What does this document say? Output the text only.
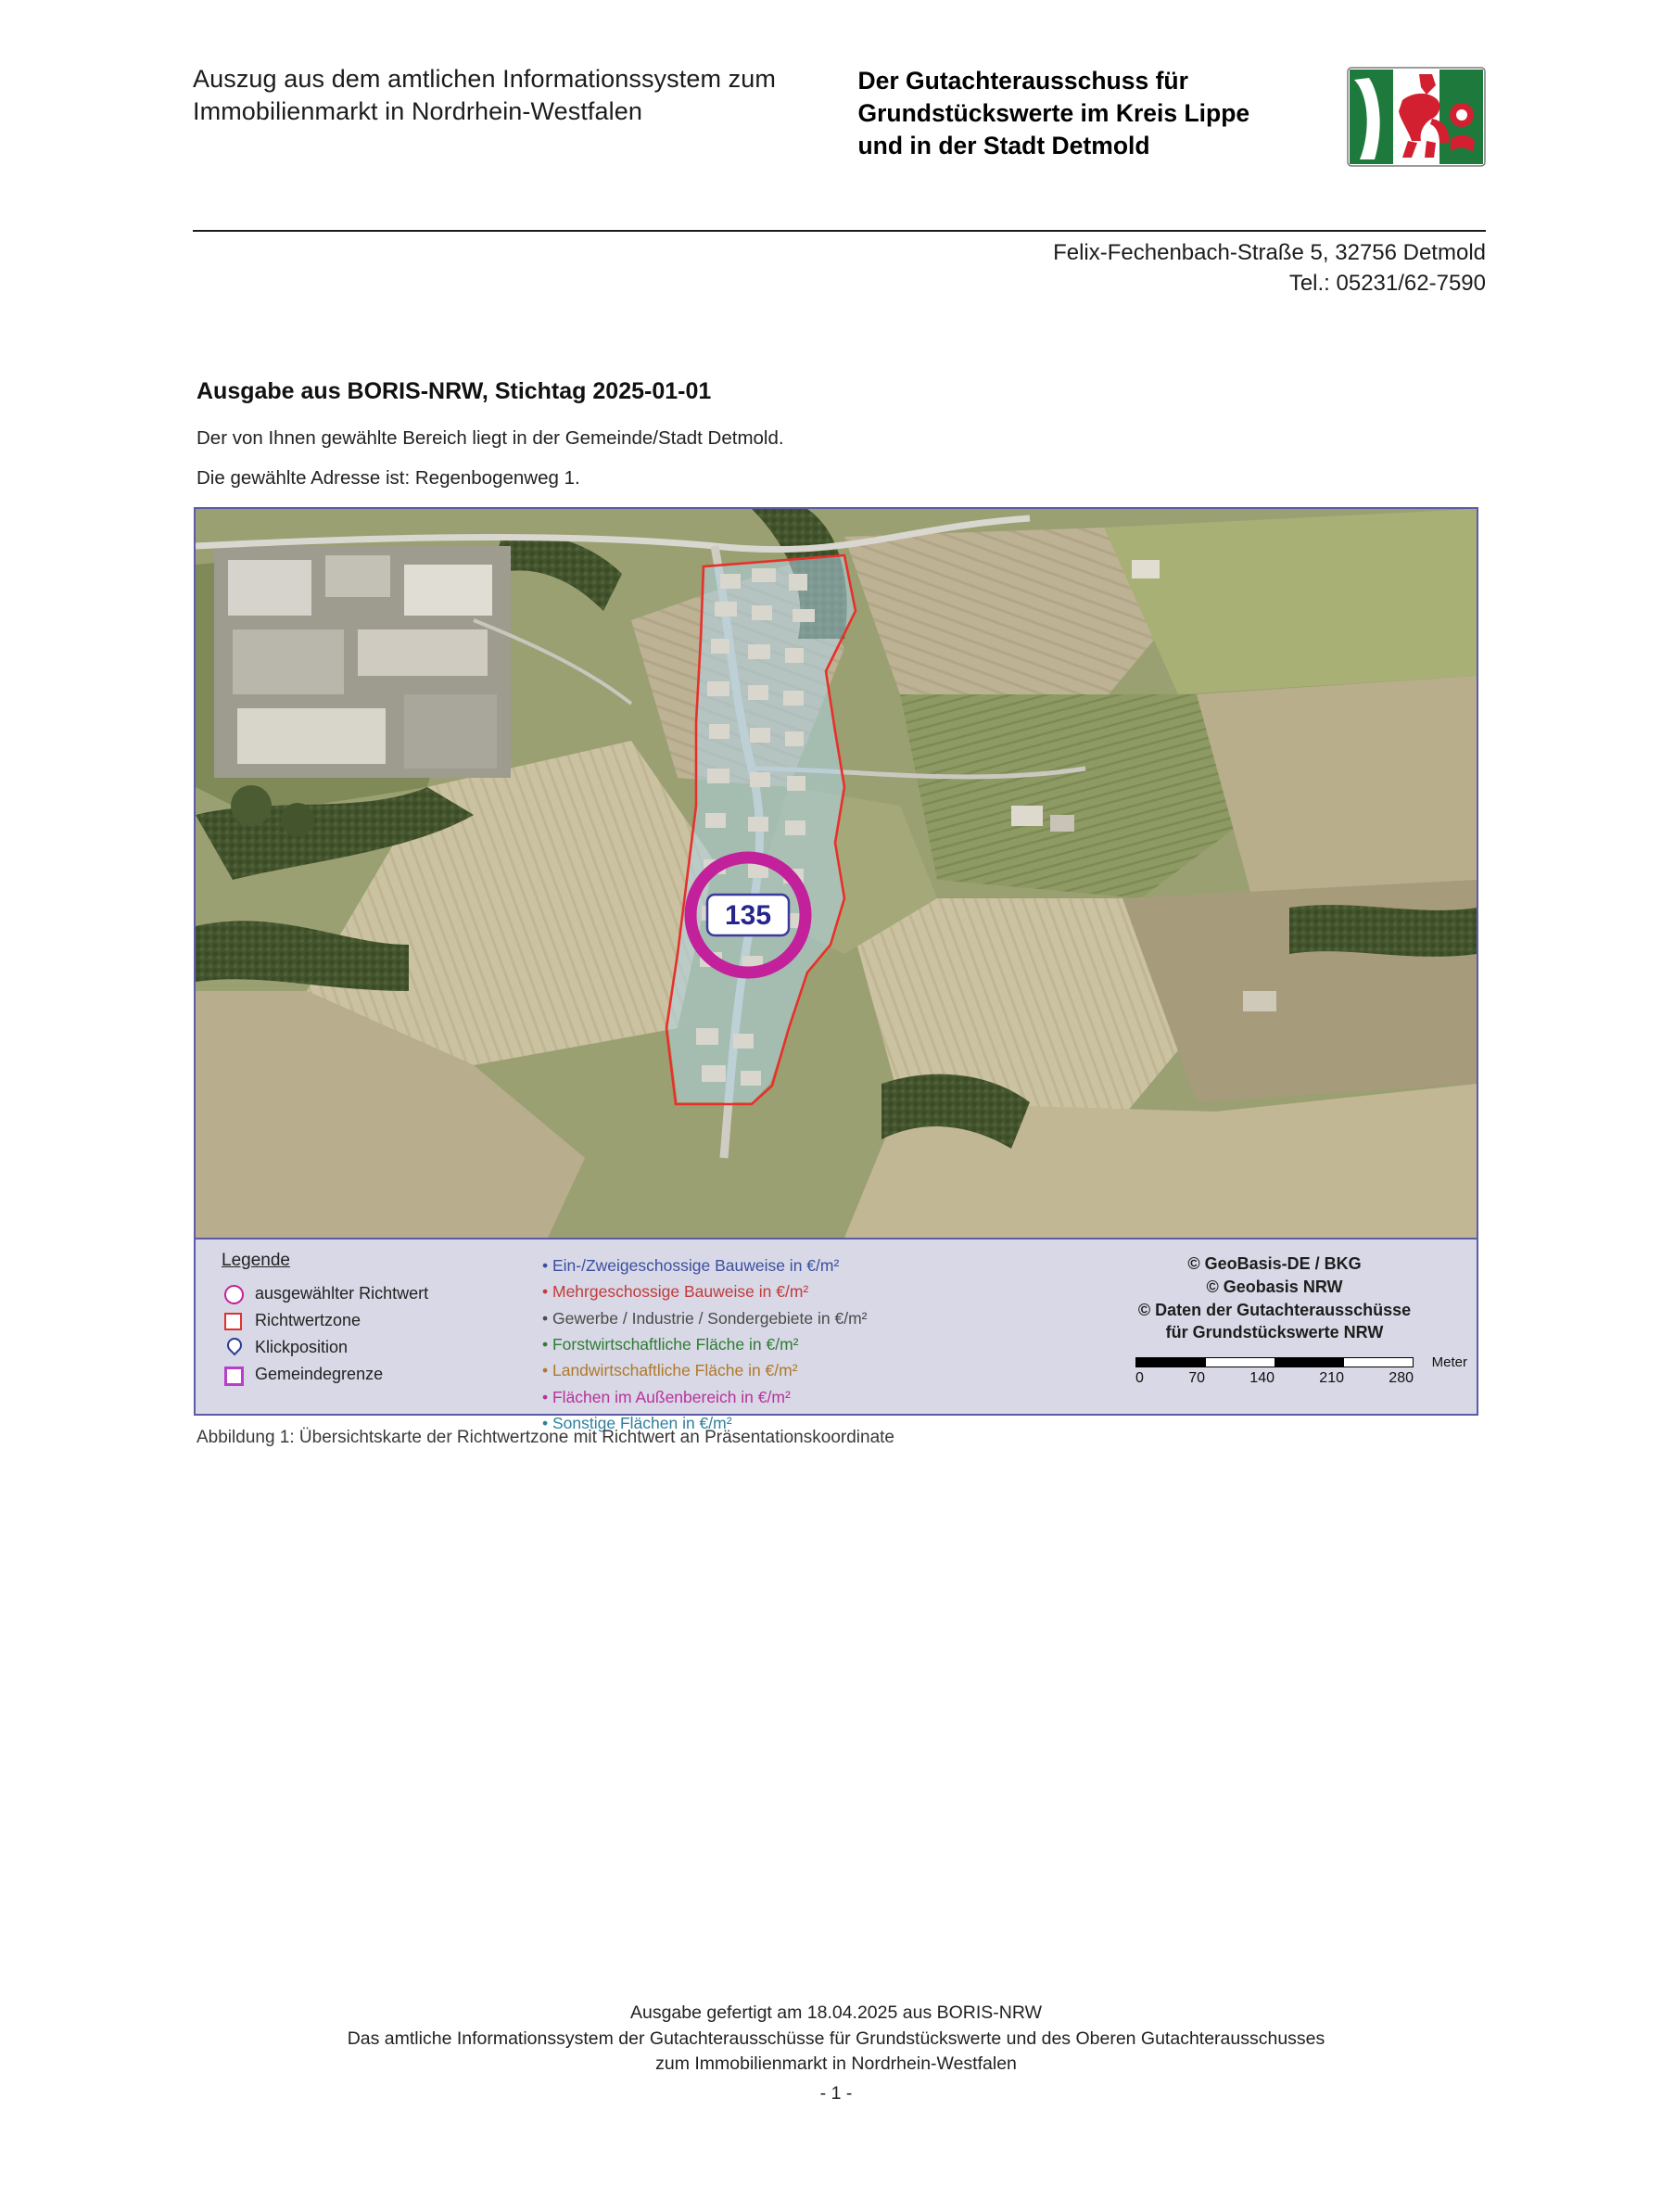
Auszug aus dem amtlichen Informationssystem zum Immobilienmarkt in Nordrhein-Westfalen
Der Gutachterausschuss für Grundstückswerte im Kreis Lippe und in der Stadt Detmold
Felix-Fechenbach-Straße 5, 32756 Detmold
Tel.: 05231/62-7590
Ausgabe aus BORIS-NRW, Stichtag 2025-01-01
Der von Ihnen gewählte Bereich liegt in der Gemeinde/Stadt Detmold.
Die gewählte Adresse ist: Regenbogenweg 1.
135
Legende
ausgewählter Richtwert
Richtwertzone
Klickposition
Gemeindegrenze
• Ein-/Zweigeschossige Bauweise in €/m²
• Mehrgeschossige Bauweise in €/m²
• Gewerbe / Industrie / Sondergebiete in €/m²
• Forstwirtschaftliche Fläche in €/m²
• Landwirtschaftliche Fläche in €/m²
• Flächen im Außenbereich in €/m²
• Sonstige Flächen in €/m²
© GeoBasis-DE / BKG
© Geobasis NRW
© Daten der Gutachterausschüsse
für Grundstückswerte NRW
Meter
0	70	140	210	280
Abbildung 1: Übersichtskarte der Richtwertzone mit Richtwert an Präsentationskoordinate
Ausgabe gefertigt am 18.04.2025 aus BORIS-NRW
Das amtliche Informationssystem der Gutachterausschüsse für Grundstückswerte und des Oberen Gutachterausschusses
zum Immobilienmarkt in Nordrhein-Westfalen
- 1 -
